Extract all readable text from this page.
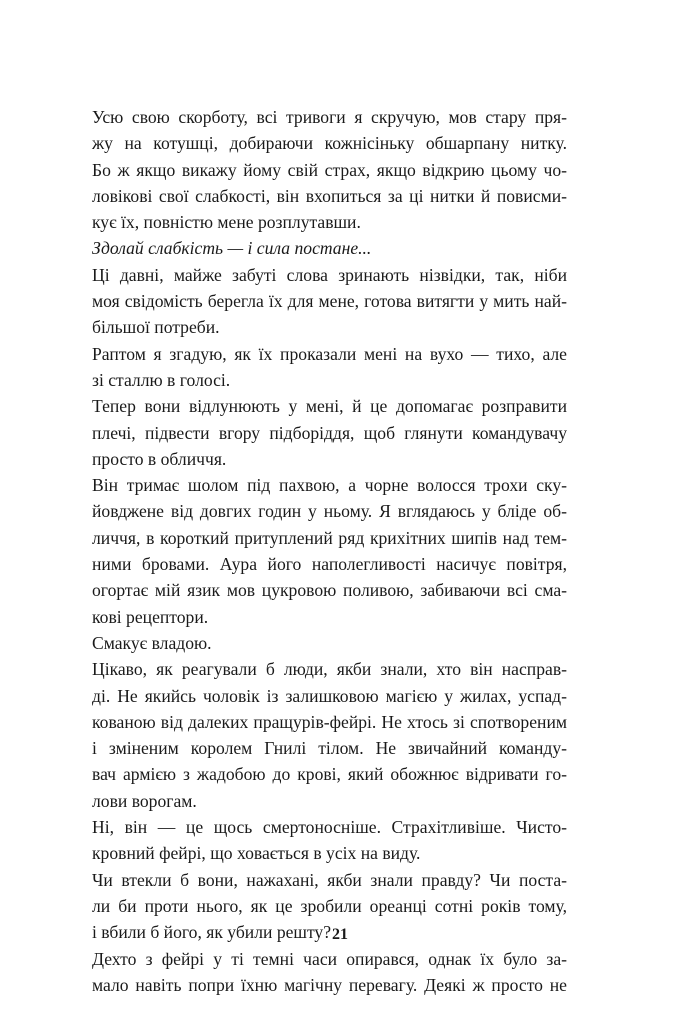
Усю свою скорботу, всі тривоги я скручую, мов стару пря-
жу на котушці, добираючи кожнісіньку обшарпану нитку.
Бо ж якщо викажу йому свій страх, якщо відкрию цьому чо-
ловікові свої слабкості, він вхопиться за ці нитки й повисми-
кує їх, повністю мене розплутавши.
Здолай слабкість — і сила постане...
Ці давні, майже забуті слова зринають нізвідки, так, ніби
моя свідомість берегла їх для мене, готова витягти у мить най-
більшої потреби.
Раптом я згадую, як їх проказали мені на вухо — тихо, але
зі сталлю в голосі.
Тепер вони відлунюють у мені, й це допомагає розправити
плечі, підвести вгору підборіддя, щоб глянути командувачу
просто в обличчя.
Він тримає шолом під пахвою, а чорне волосся трохи ску-
йовджене від довгих годин у ньому. Я вглядаюсь у бліде об-
личчя, в короткий притуплений ряд крихітних шипів над тем-
ними бровами. Аура його наполегливості насичує повітря,
огортає мій язик мов цукровою поливою, забиваючи всі сма-
кові рецептори.
Смакує владою.
Цікаво, як реагували б люди, якби знали, хто він насправ-
ді. Не якийсь чоловік із залишковою магією у жилах, успад-
кованою від далеких пращурів-фейрі. Не хтось зі спотвореним
і зміненим королем Гнилі тілом. Не звичайний команду-
вач армією з жадобою до крові, який обожнює відривати го-
лови ворогам.
Ні, він — це щось смертоносніше. Страхітливіше. Чисто-
кровний фейрі, що ховається в усіх на виду.
Чи втекли б вони, нажахані, якби знали правду? Чи поста-
ли би проти нього, як це зробили ореанці сотні років тому,
і вбили б його, як убили решту?
Дехто з фейрі у ті темні часи опирався, однак їх було за-
мало навіть попри їхню магічну перевагу. Деякі ж просто не
21
